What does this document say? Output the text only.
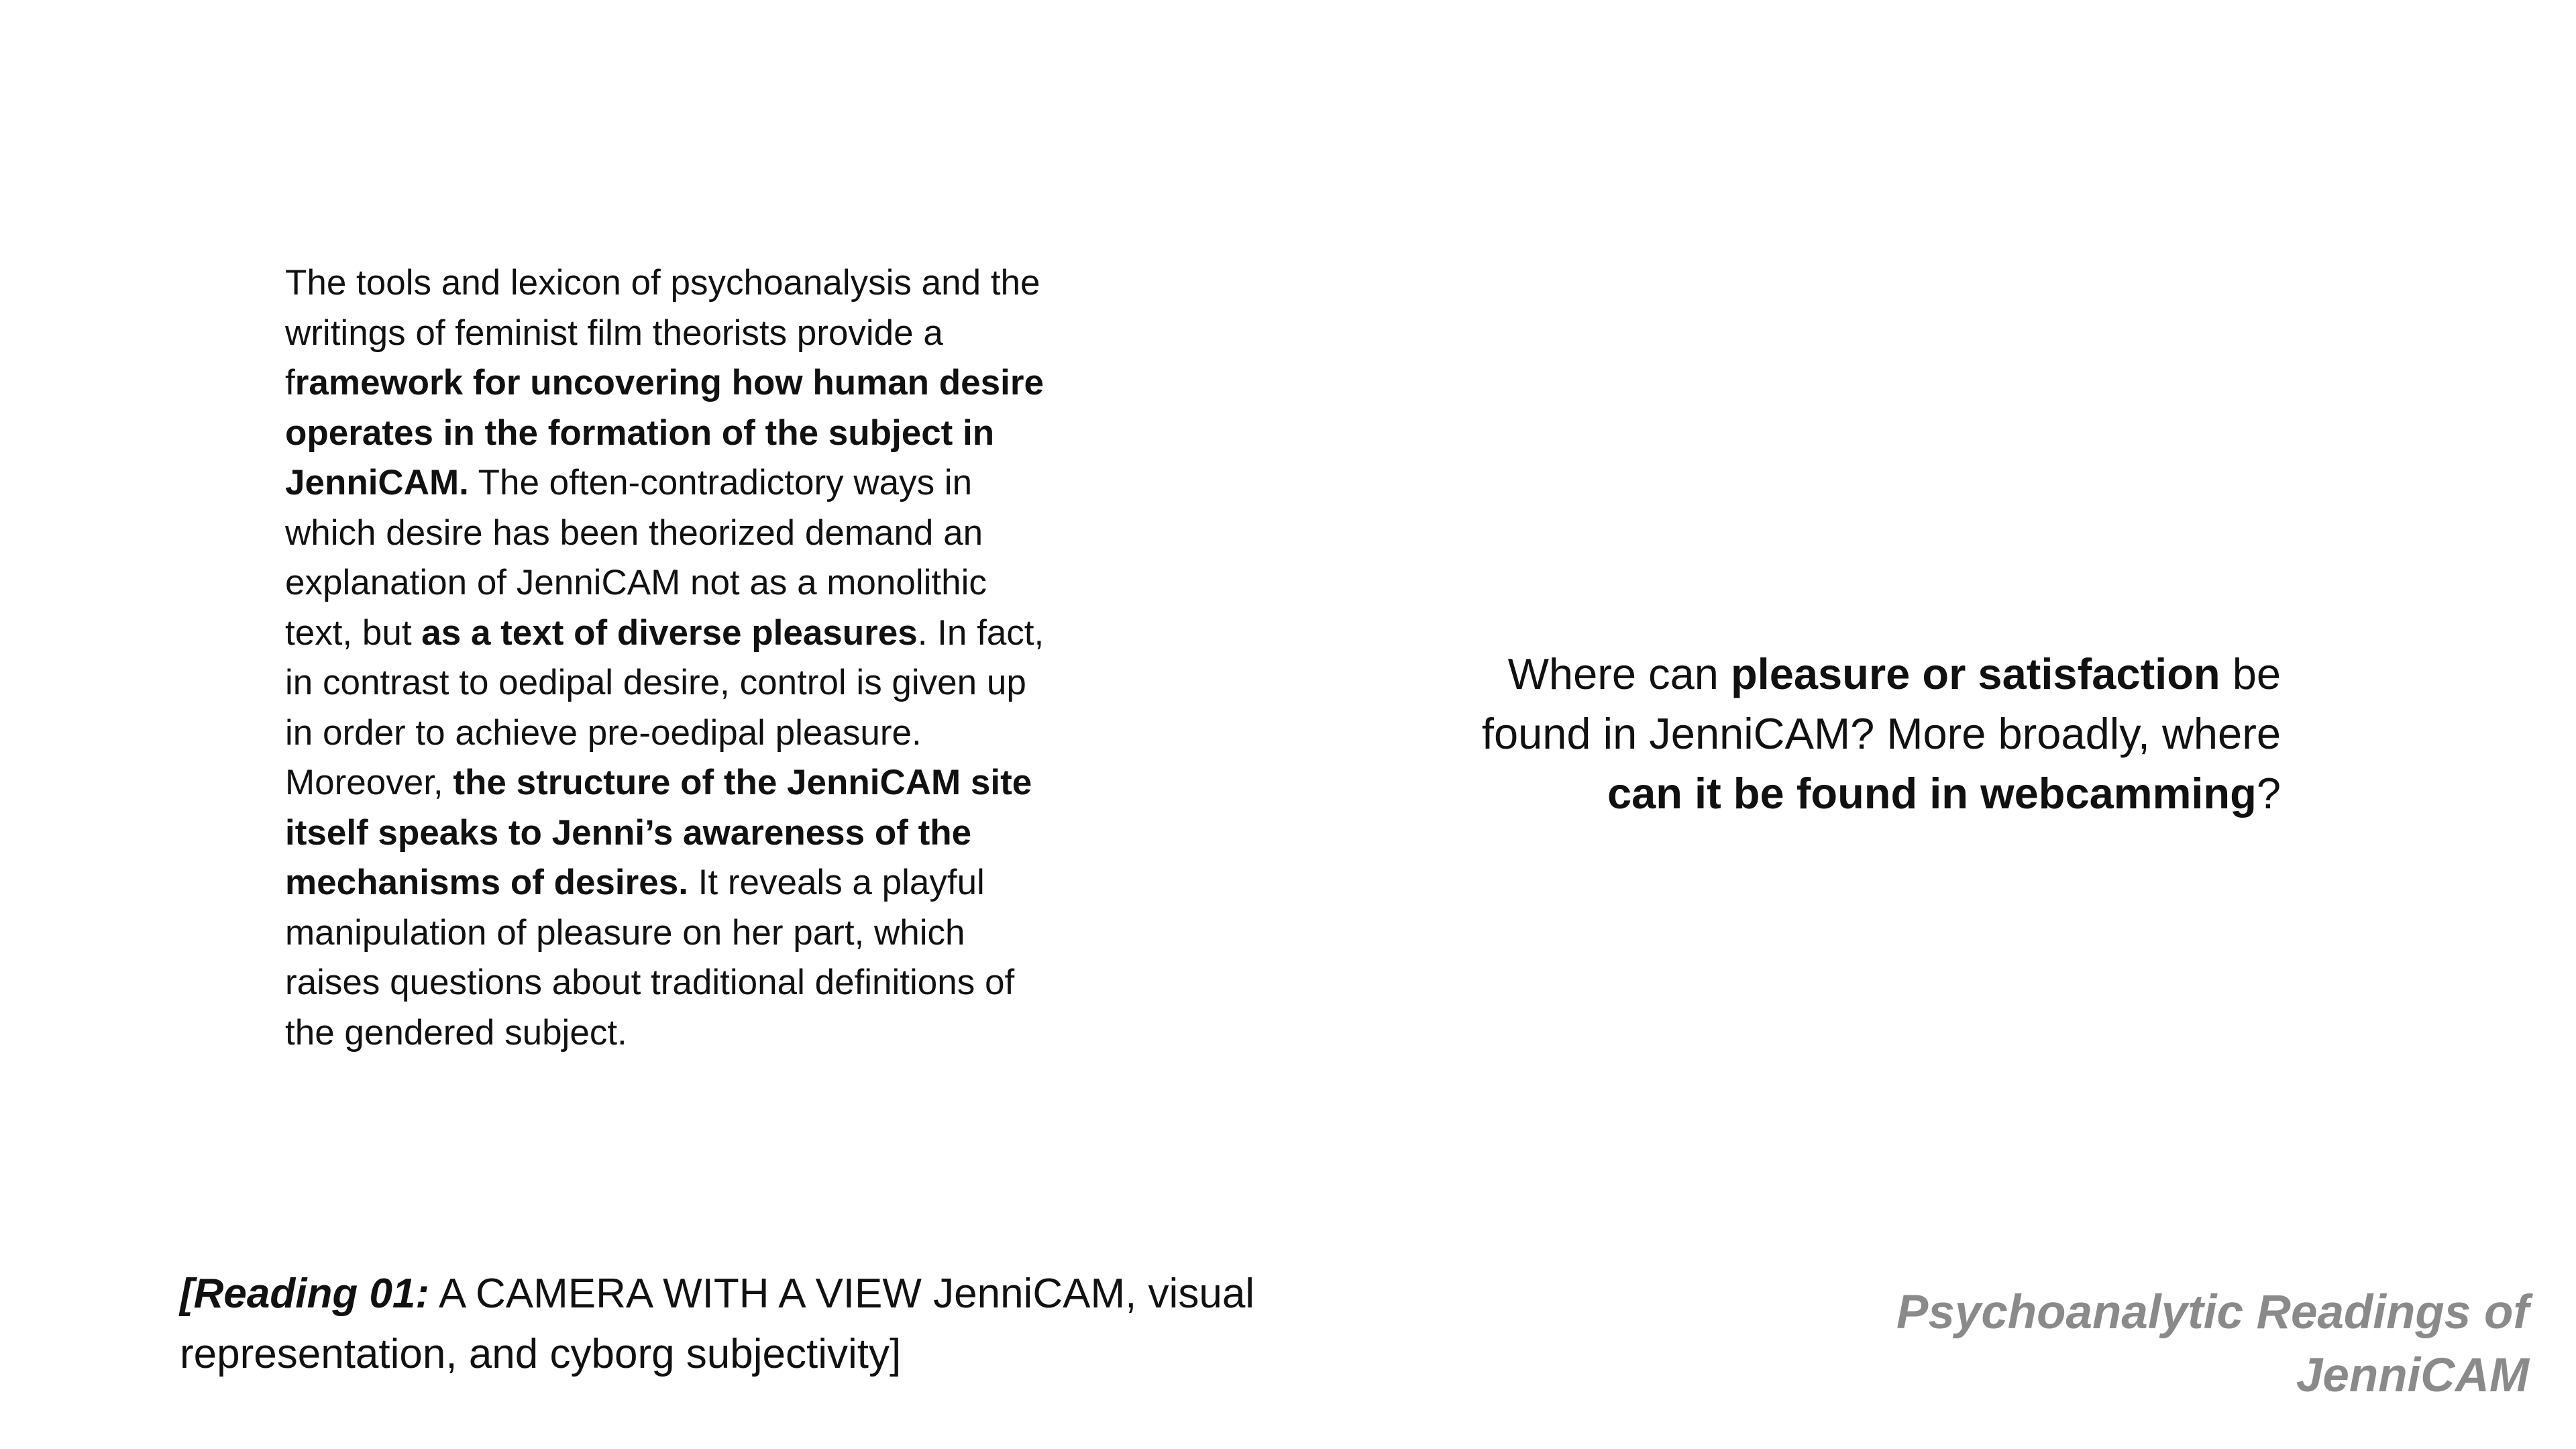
The tools and lexicon of psychoanalysis and the writings of feminist film theorists provide a framework for uncovering how human desire operates in the formation of the subject in JenniCAM. The often-contradictory ways in which desire has been theorized demand an explanation of JenniCAM not as a monolithic text, but as a text of diverse pleasures. In fact, in contrast to oedipal desire, control is given up in order to achieve pre-oedipal pleasure. Moreover, the structure of the JenniCAM site itself speaks to Jenni’s awareness of the mechanisms of desires. It reveals a playful manipulation of pleasure on her part, which raises questions about traditional definitions of the gendered subject.

Where can pleasure or satisfaction be found in JenniCAM? More broadly, where can it be found in webcamming?

[Reading 01: A CAMERA WITH A VIEW JenniCAM, visual representation, and cyborg subjectivity]

Psychoanalytic Readings of JenniCAM
